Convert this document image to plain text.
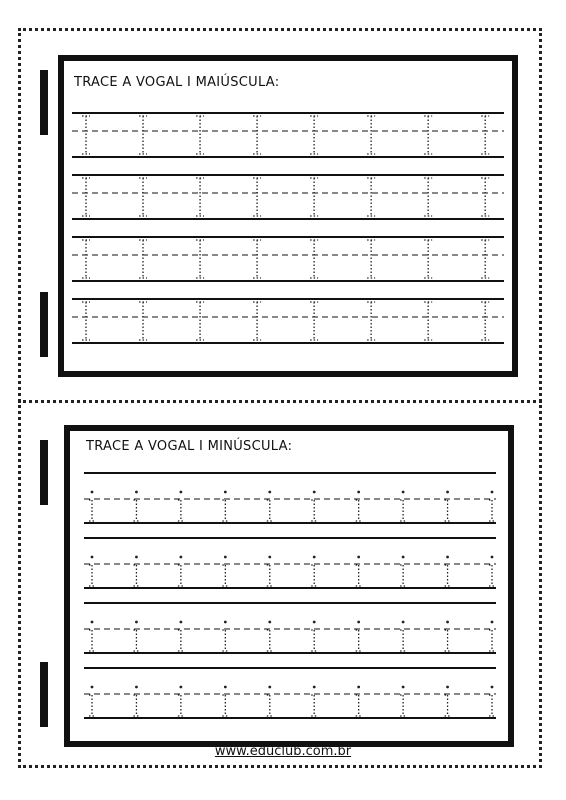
TRACE A VOGAL I MAIÚSCULA:
TRACE A VOGAL I MINÚSCULA:
www.educlub.com.br
